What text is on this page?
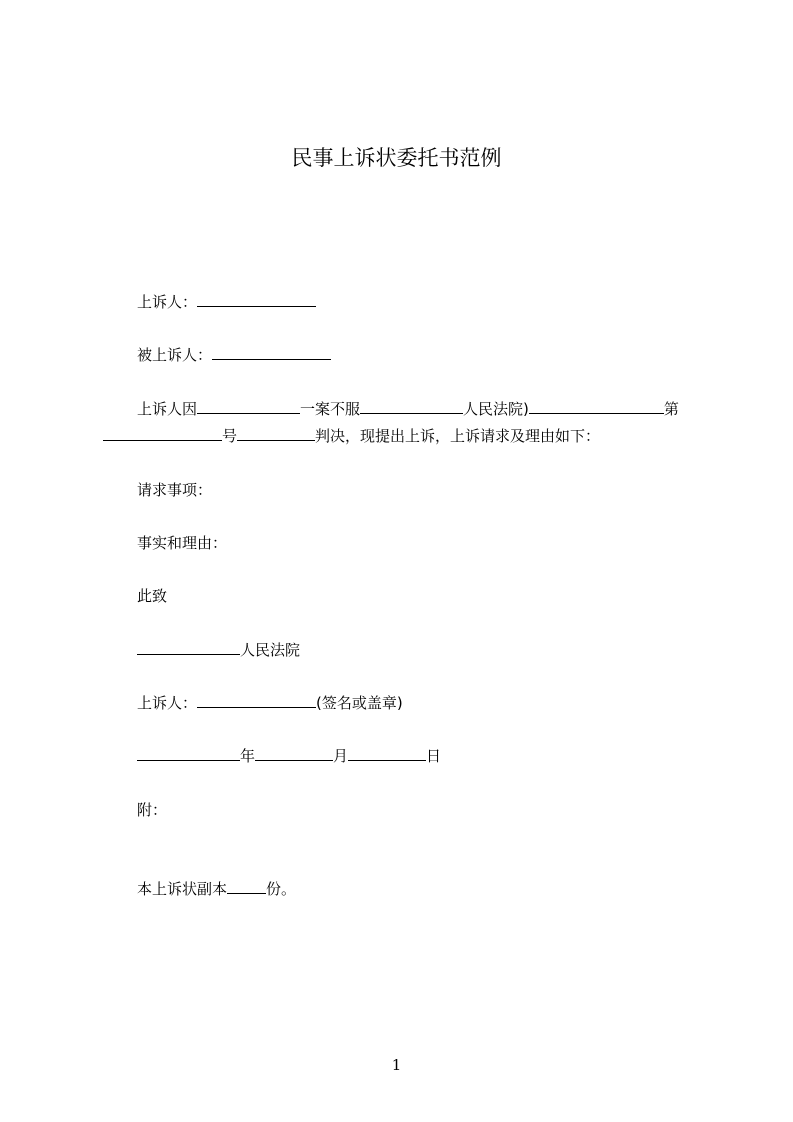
民事上诉状委托书范例
上诉人：
被上诉人：
上诉人因	一案不服	人民法院)	第
号	判决，现提出上诉，上诉请求及理由如下：
请求事项：
事实和理由：
此致
人民法院
上诉人：	(签名或盖章)
年	月	日
附：
本上诉状副本	份。
1
